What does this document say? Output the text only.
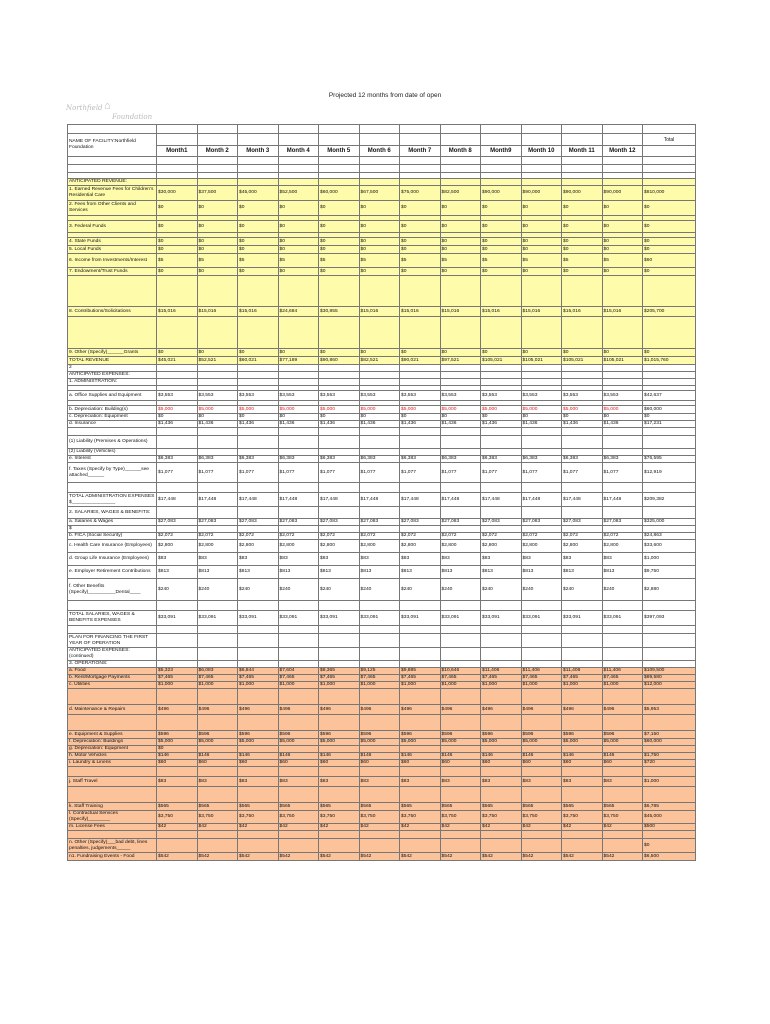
Projected 12 months from date of open
⌂
Northfield
Foundation

NAME OF FACILITY:Northfield Foundation													Total
	Month1	Month 2	Month 3	Month 4	Month 5	Month 6	Month 7	Month 8	Month9	Month 10	Month 11	Month 12	

ANTICIPATED REVENUE:													
1. Earned Revenue Fees for Children's Residential Care	$30,000	$37,500	$45,000	$52,500	$60,000	$67,500	$75,000	$82,500	$90,000	$90,000	$90,000	$90,000	$810,000
2. Fees from Other Clients and Services	$0	$0	$0	$0	$0	$0	$0	$0	$0	$0	$0	$0	$0

3. Federal Funds	$0	$0	$0	$0	$0	$0	$0	$0	$0	$0	$0	$0	$0

4. State Funds	$0	$0	$0	$0	$0	$0	$0	$0	$0	$0	$0	$0	$0
5. Local Funds	$0	$0	$0	$0	$0	$0	$0	$0	$0	$0	$0	$0	$0
6. Income from Investments/Interest	$5	$5	$5	$5	$5	$5	$5	$5	$5	$5	$5	$5	$60
7. Endowment/Trust Funds	$0	$0	$0	$0	$0	$0	$0	$0	$0	$0	$0	$0	$0

8. Contributions/Solicitations	$15,016	$15,016	$15,016	$24,684	$30,855	$15,016	$15,016	$15,016	$15,016	$15,016	$15,016	$15,016	$205,700

9. Other (Specify)______Grants	$0	$0	$0	$0	$0	$0	$0	$0	$0	$0	$0	$0	$0
TOTAL REVENUE	$45,021	$52,521	$60,021	$77,189	$90,860	$82,521	$90,021	$97,521	$105,021	$105,021	$105,021	$105,021	$1,015,760
2													
ANTICIPATED EXPENSES:													
1. ADMINISTRATION:													

a. Office Supplies and Equipment	$3,553	$3,553	$3,553	$3,553	$3,553	$3,553	$3,553	$3,553	$3,553	$3,553	$3,553	$3,553	$42,637

b. Depreciation: Building(s)	$5,000	$5,000	$5,000	$5,000	$5,000	$5,000	$5,000	$5,000	$5,000	$5,000	$5,000	$5,000	$60,000
c. Depreciation: Equipment	$0	$0	$0	$0	$0	$0	$0	$0	$0	$0	$0	$0	$0
d. Insurance	$1,436	$1,436	$1,436	$1,436	$1,436	$1,436	$1,436	$1,436	$1,436	$1,436	$1,436	$1,436	$17,231

(1) Liability (Premises & Operations)													
(2) Liability (Vehicles)													
e. Interest	$6,383	$6,383	$6,383	$6,383	$6,383	$6,383	$6,383	$6,383	$6,383	$6,383	$6,383	$6,383	$76,595
f. Taxes (Specify by Type)______see attached______	$1,077	$1,077	$1,077	$1,077	$1,077	$1,077	$1,077	$1,077	$1,077	$1,077	$1,077	$1,077	$12,919

TOTAL ADMINISTRATION EXPENSES $________________	$17,448	$17,448	$17,448	$17,448	$17,448	$17,448	$17,448	$17,448	$17,448	$17,448	$17,448	$17,448	$209,382
2. SALARIES, WAGES & BENEFITS:													
a. Salaries & Wages	$27,083	$27,083	$27,083	$27,083	$27,083	$27,083	$27,083	$27,083	$27,083	$27,083	$27,083	$27,083	$325,000
$													
b. FICA (Social Security)	$2,072	$2,072	$2,072	$2,072	$2,072	$2,072	$2,072	$2,072	$2,072	$2,072	$2,072	$2,072	$24,863
c. Health Care Insurance (Employees)	$2,800	$2,800	$2,800	$2,800	$2,800	$2,800	$2,800	$2,800	$2,800	$2,800	$2,800	$2,800	$33,600
d. Group Life Insurance (Employees)	$83	$83	$83	$83	$83	$83	$83	$83	$83	$83	$83	$83	$1,000
e. Employer Retirement Contributions	$813	$813	$813	$813	$813	$813	$813	$813	$813	$813	$813	$813	$9,750
f. Other Benefits (Specify)__________Dental____	$240	$240	$240	$240	$240	$240	$240	$240	$240	$240	$240	$240	$2,880

TOTAL SALARIES, WAGES & BENEFITS EXPENSES	$33,091	$33,091	$33,091	$33,091	$33,091	$33,091	$33,091	$33,091	$33,091	$33,091	$33,091	$33,091	$397,093

PLAN FOR FINANCING THE FIRST YEAR OF OPERATION													
ANTICIPATED EXPENSES: (continued)													
3. OPERATIONS:													
a. Food	$5,323	$6,083	$6,844	$7,604	$8,365	$9,125	$9,885	$10,646	$11,406	$11,406	$11,406	$11,406	$109,500
b. Rent/Mortgage Payments	$7,465	$7,465	$7,465	$7,465	$7,465	$7,465	$7,465	$7,465	$7,465	$7,465	$7,465	$7,465	$89,580
c. Utilities	$1,000	$1,000	$1,000	$1,000	$1,000	$1,000	$1,000	$1,000	$1,000	$1,000	$1,000	$1,000	$12,000

d. Maintenance & Repairs	$496	$496	$496	$496	$496	$496	$496	$496	$496	$496	$496	$496	$5,953

e. Equipment & Supplies	$596	$596	$596	$596	$596	$596	$596	$596	$596	$596	$596	$596	$7,150
f. Depreciation: Buildings	$5,000	$5,000	$5,000	$5,000	$5,000	$5,000	$5,000	$5,000	$5,000	$5,000	$5,000	$5,000	$60,000
g. Depreciation: Equipment	$0												
h. Motor Vehicles	$146	$146	$146	$146	$146	$146	$146	$146	$146	$146	$146	$146	$1,750
i. Laundry & Linens	$60	$60	$60	$60	$60	$60	$60	$60	$60	$60	$60	$60	$720

j. Staff Travel	$83	$83	$83	$83	$83	$83	$83	$83	$83	$83	$83	$83	$1,000

k. Staff Training	$565	$565	$565	$565	$565	$565	$565	$565	$565	$565	$565	$565	$6,785
l. Contractual Services (Specify)________	$3,750	$3,750	$3,750	$3,750	$3,750	$3,750	$3,750	$3,750	$3,750	$3,750	$3,750	$3,750	$45,000
m. License Fees	$42	$42	$42	$42	$42	$42	$42	$42	$42	$42	$42	$42	$500

n. Other (Specify)___bad debt, lines penalties, judgements_____													$0
n1. Fundraising Events - Food	$542	$542	$542	$542	$542	$542	$542	$542	$542	$542	$542	$542	$6,500
